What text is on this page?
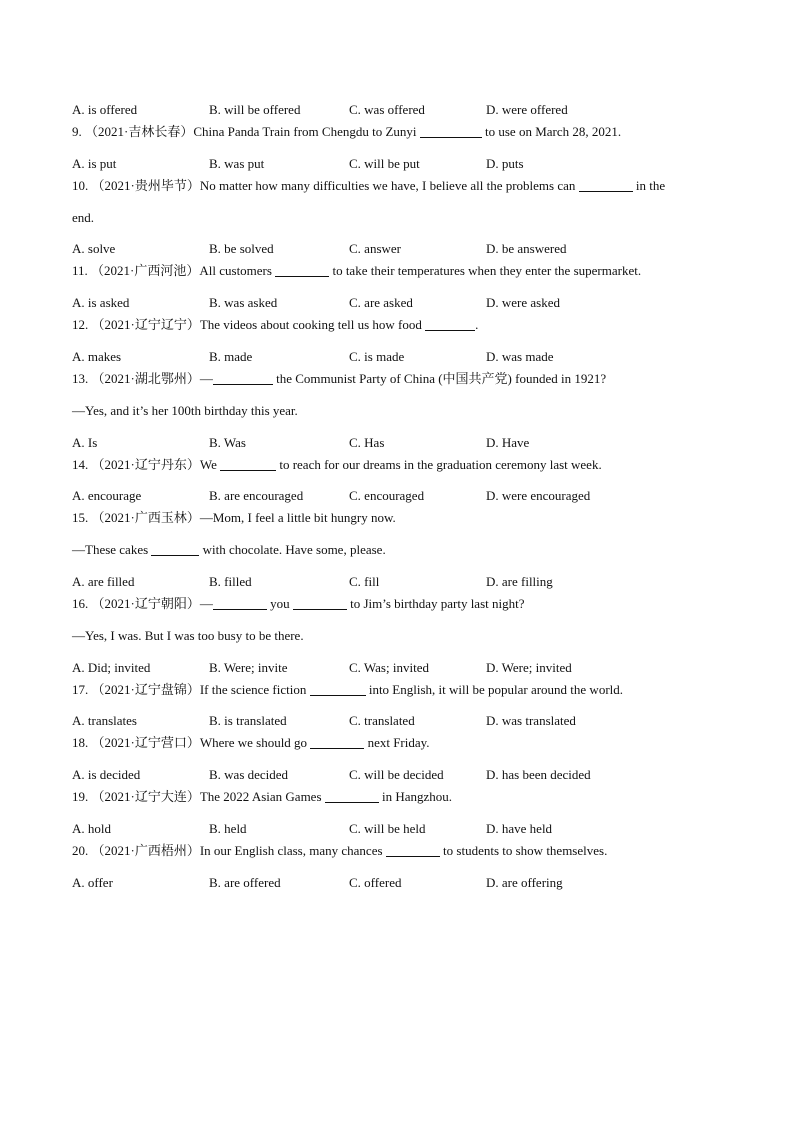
A. is offered	B. will be offered	C. was offered	D. were offered
9. （2021·吉林长春）China Panda Train from Chengdu to Zunyi	to use on March 28, 2021.
A. is put	B. was put	C. will be put	D. puts
10. （2021·贵州毕节）No matter how many difficulties we have, I believe all the problems can	in the
end.
A. solve	B. be solved	C. answer	D. be answered
11. （2021·广西河池）All customers	to take their temperatures when they enter the supermarket.
A. is asked	B. was asked	C. are asked	D. were asked
12. （2021·辽宁辽宁）The videos about cooking tell us how food	.
A. makes	B. made	C. is made	D. was made
13. （2021·湖北鄂州）—	the Communist Party of China (中国共产党) founded in 1921?
—Yes, and it’s her 100th birthday this year.
A. Is	B. Was	C. Has	D. Have
14. （2021·辽宁丹东）We	to reach for our dreams in the graduation ceremony last week.
A. encourage	B. are encouraged	C. encouraged	D. were encouraged
15. （2021·广西玉林）—Mom, I feel a little bit hungry now.
—These cakes	with chocolate. Have some, please.
A. are filled	B. filled	C. fill	D. are filling
16. （2021·辽宁朝阳）—	you	to Jim’s birthday party last night?
—Yes, I was. But I was too busy to be there.
A. Did; invited	B. Were; invite	C. Was; invited	D. Were; invited
17. （2021·辽宁盘锦）If the science fiction	into English, it will be popular around the world.
A. translates	B. is translated	C. translated	D. was translated
18. （2021·辽宁营口）Where we should go	next Friday.
A. is decided	B. was decided	C. will be decided	D. has been decided
19. （2021·辽宁大连）The 2022 Asian Games	in Hangzhou.
A. hold	B. held	C. will be held	D. have held
20. （2021·广西梧州）In our English class, many chances	to students to show themselves.
A. offer	B. are offered	C. offered	D. are offering
